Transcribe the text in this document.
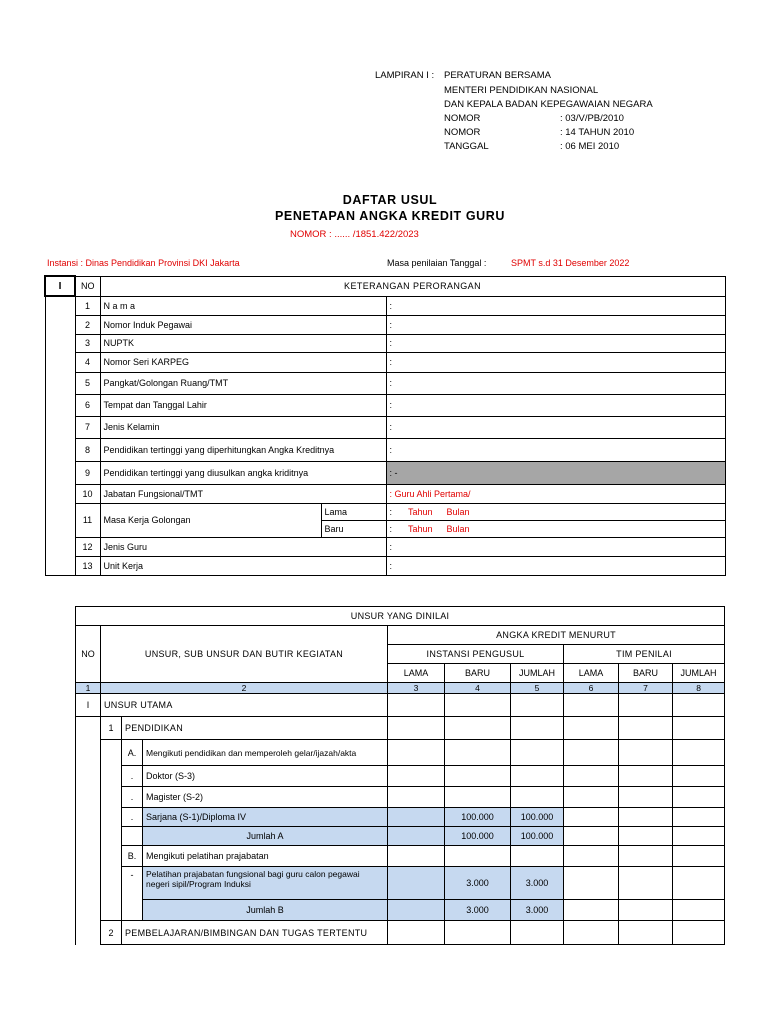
LAMPIRAN I : PERATURAN BERSAMA
MENTERI PENDIDIKAN NASIONAL
DAN KEPALA BADAN KEPEGAWAIAN NEGARA
NOMOR	: 03/V/PB/2010
NOMOR	: 14 TAHUN 2010
TANGGAL	: 06 MEI 2010
DAFTAR USUL
PENETAPAN ANGKA KREDIT GURU
NOMOR : ...... /1851.422/2023
Instansi : Dinas Pendidikan Provinsi DKI Jakarta	Masa penilaian Tanggal :	SPMT s.d 31 Desember 2022
I	NO	KETERANGAN PERORANGAN		
	1	N a m a		:
	2	Nomor Induk Pegawai		:
	3	NUPTK		:
	4	Nomor Seri KARPEG		:
	5	Pangkat/Golongan Ruang/TMT		:
	6	Tempat dan Tanggal Lahir		:
	7	Jenis Kelamin		:
	8	Pendidikan tertinggi yang diperhitungkan Angka Kreditnya		:
	9	Pendidikan tertinggi yang diusulkan angka kriditnya		: -
	10	Jabatan Fungsional/TMT		: Guru Ahli Pertama/
	11	Masa Kerja Golongan	Lama	: Tahun Bulan
			Baru	: Tahun Bulan
	12	Jenis Guru		:
	13	Unit Kerja		:
UNSUR YANG DINILAI									
NO	UNSUR, SUB UNSUR DAN BUTIR KEGIATAN			ANGKA KREDIT MENURUT					
				INSTANSI PENGUSUL			TIM PENILAI		
				LAMA	BARU	JUMLAH	LAMA	BARU	JUMLAH
1	2			3	4	5	6	7	8
I	UNSUR UTAMA								
	1	PENDIDIKAN							
		A.	Mengikuti pendidikan dan memperoleh gelar/ijazah/akta						
		.	Doktor (S-3)						
		.	Magister (S-2)						
		.	Sarjana (S-1)/Diploma IV		100.000	100.000			
			Jumlah A		100.000	100.000			
		B.	Mengikuti pelatihan prajabatan						
		-	Pelatihan prajabatan fungsional bagi guru calon pegawai negeri sipil/Program Induksi		3.000	3.000			
			Jumlah B		3.000	3.000			
	2	PEMBELAJARAN/BIMBINGAN DAN TUGAS TERTENTU							
